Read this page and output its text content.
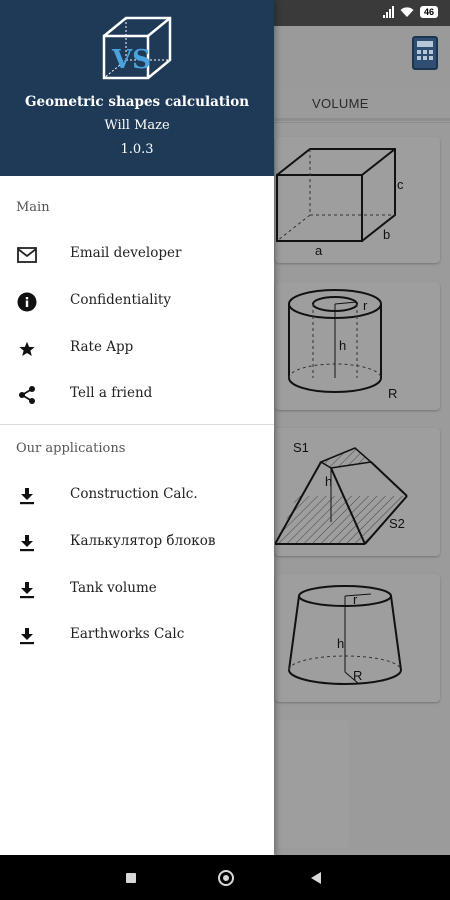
VOLUME
a
b
c
r
h
R
S1
h
S2
r
h
R
46
VS
Geometric shapes calculation
Will Maze
1.0.3
Main
Email developer
Confidentiality
Rate App
Tell a friend
Our applications
Construction Calc.
Калькулятор блоков
Tank volume
Earthworks Calc
